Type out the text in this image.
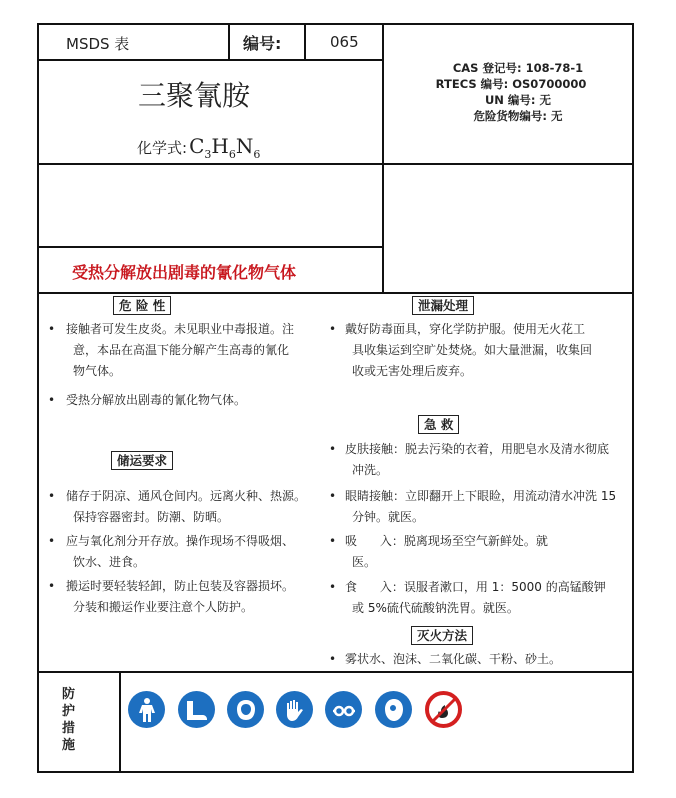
MSDS 表	编号:	065
三聚氰胺
化学式: $C_3H_6N_6$
CAS 登记号: 108-78-1
RTECS 编号: OS0700000
UN 编号: 无
危险货物编号: 无
受热分解放出剧毒的氰化物气体
危 险 性
储运要求
泄漏处理
急 救
灭火方法
• 接触者可发生皮炎。未见职业中毒报道。注
意，本品在高温下能分解产生高毒的氰化
物气体。
• 受热分解放出剧毒的氰化物气体。
• 储存于阴凉、通风仓间内。远离火种、热源。
保持容器密封。防潮、防晒。
• 应与氧化剂分开存放。操作现场不得吸烟、
饮水、进食。
• 搬运时要轻装轻卸，防止包装及容器损坏。
分装和搬运作业要注意个人防护。
• 戴好防毒面具，穿化学防护服。使用无火花工
具收集运到空旷处焚烧。如大量泄漏，收集回
收或无害处理后废弃。
• 皮肤接触：脱去污染的衣着，用肥皂水及清水彻底
冲洗。
• 眼睛接触：立即翻开上下眼睑，用流动清水冲洗 15
分钟。就医。
• 吸      入：脱离现场至空气新鲜处。就
医。
• 食      入：误服者漱口，用 1：5000 的高锰酸钾
或 5%硫代硫酸钠洗胃。就医。
• 雾状水、泡沫、二氧化碳、干粉、砂土。
防
护
措
施
